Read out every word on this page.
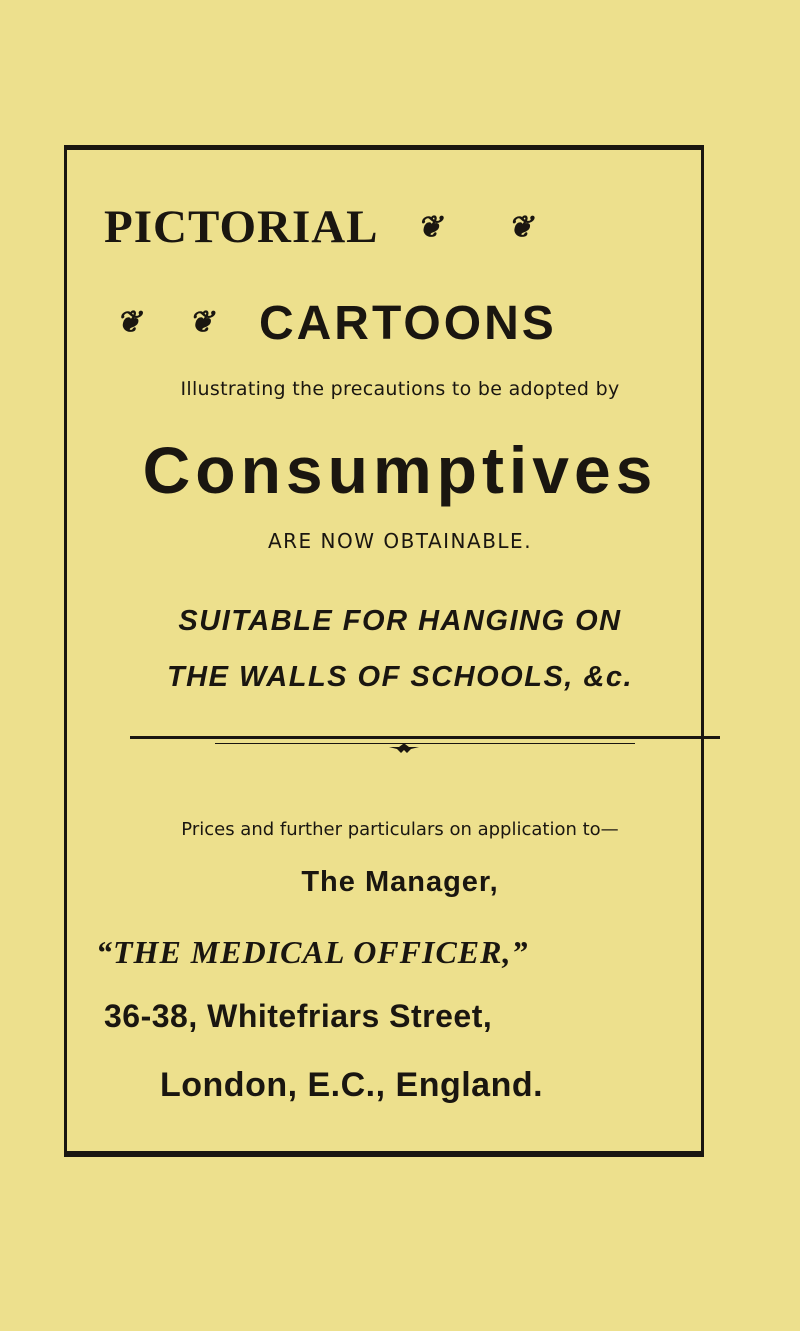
PICTORIAL ❦ ❦
❦ ❦ CARTOONS
Illustrating the precautions to be adopted by
Consumptives
ARE NOW OBTAINABLE.
SUITABLE FOR HANGING ON
THE WALLS OF SCHOOLS, &c.
Prices and further particulars on application to—
The Manager,
“THE MEDICAL OFFICER,”
36-38, Whitefriars Street,
London, E.C., England.
